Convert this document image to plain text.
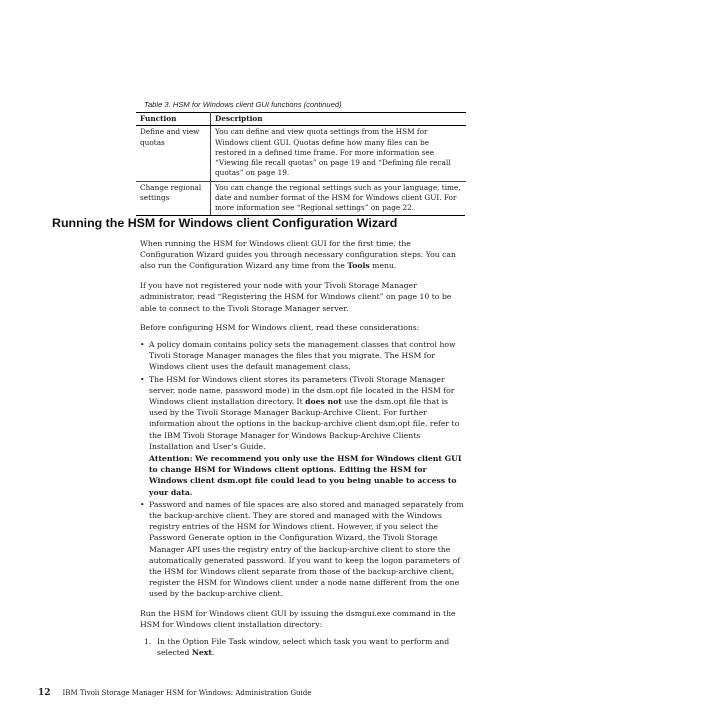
Table 3. HSM for Windows client GUI functions (continued)
Function	Description
Define and view quotas	You can define and view quota settings from the HSM for Windows client GUI. Quotas define how many files can be restored in a defined time frame. For more information see “Viewing file recall quotas” on page 19 and “Defining file recall quotas” on page 19.
Change regional settings	You can change the regional settings such as your language, time, date and number format of the HSM for Windows client GUI. For more information see “Regional settings” on page 22.
Running the HSM for Windows client Configuration Wizard

When running the HSM for Windows client GUI for the first time, the Configuration Wizard guides you through necessary configuration steps. You can also run the Configuration Wizard any time from the Tools menu.

If you have not registered your node with your Tivoli Storage Manager administrator, read “Registering the HSM for Windows client” on page 10 to be able to connect to the Tivoli Storage Manager server.

Before configuring HSM for Windows client, read these considerations:

• A policy domain contains policy sets the management classes that control how Tivoli Storage Manager manages the files that you migrate. The HSM for Windows client uses the default management class.
• The HSM for Windows client stores its parameters (Tivoli Storage Manager server, node name, password mode) in the dsm.opt file located in the HSM for Windows client installation directory. It does not use the dsm.opt file that is used by the Tivoli Storage Manager Backup-Archive Client. For further information about the options in the backup-archive client dsm.opt file, refer to the IBM Tivoli Storage Manager for Windows Backup-Archive Clients Installation and User’s Guide.
Attention: We recommend you only use the HSM for Windows client GUI to change HSM for Windows client options. Editing the HSM for Windows client dsm.opt file could lead to you being unable to access to your data.
• Password and names of file spaces are also stored and managed separately from the backup-archive client. They are stored and managed with the Windows registry entries of the HSM for Windows client. However, if you select the Password Generate option in the Configuration Wizard, the Tivoli Storage Manager API uses the registry entry of the backup-archive client to store the automatically generated password. If you want to keep the logon parameters of the HSM for Windows client separate from those of the backup-archive client, register the HSM for Windows client under a node name different from the one used by the backup-archive client.

Run the HSM for Windows client GUI by issuing the dsmgui.exe command in the HSM for Windows client installation directory:

1. In the Option File Task window, select which task you want to perform and selected Next.
12 IBM Tivoli Storage Manager HSM for Windows: Administration Guide
